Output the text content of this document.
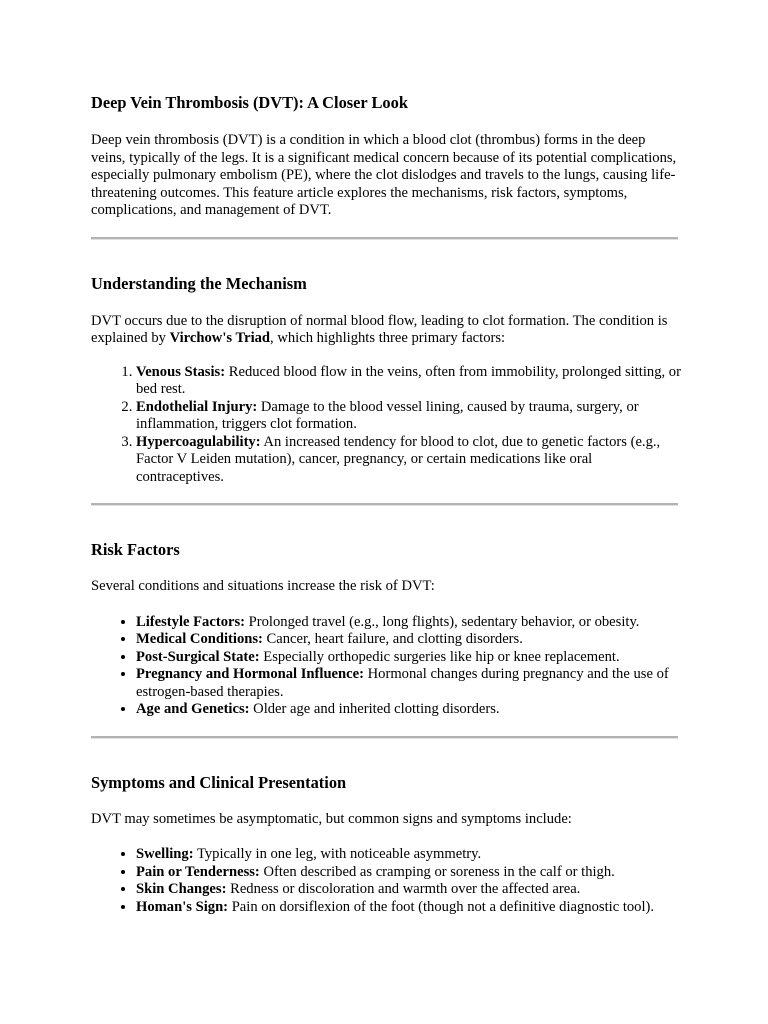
Deep Vein Thrombosis (DVT): A Closer Look

Deep vein thrombosis (DVT) is a condition in which a blood clot (thrombus) forms in the deep veins, typically of the legs. It is a significant medical concern because of its potential complications, especially pulmonary embolism (PE), where the clot dislodges and travels to the lungs, causing life-threatening outcomes. This feature article explores the mechanisms, risk factors, symptoms, complications, and management of DVT.

Understanding the Mechanism

DVT occurs due to the disruption of normal blood flow, leading to clot formation. The condition is explained by Virchow's Triad, which highlights three primary factors:

1. Venous Stasis: Reduced blood flow in the veins, often from immobility, prolonged sitting, or bed rest.
2. Endothelial Injury: Damage to the blood vessel lining, caused by trauma, surgery, or inflammation, triggers clot formation.
3. Hypercoagulability: An increased tendency for blood to clot, due to genetic factors (e.g., Factor V Leiden mutation), cancer, pregnancy, or certain medications like oral contraceptives.
Risk Factors

Several conditions and situations increase the risk of DVT:

• Lifestyle Factors: Prolonged travel (e.g., long flights), sedentary behavior, or obesity.
• Medical Conditions: Cancer, heart failure, and clotting disorders.
• Post-Surgical State: Especially orthopedic surgeries like hip or knee replacement.
• Pregnancy and Hormonal Influence: Hormonal changes during pregnancy and the use of estrogen-based therapies.
• Age and Genetics: Older age and inherited clotting disorders.
Symptoms and Clinical Presentation

DVT may sometimes be asymptomatic, but common signs and symptoms include:

• Swelling: Typically in one leg, with noticeable asymmetry.
• Pain or Tenderness: Often described as cramping or soreness in the calf or thigh.
• Skin Changes: Redness or discoloration and warmth over the affected area.
• Homan's Sign: Pain on dorsiflexion of the foot (though not a definitive diagnostic tool).
